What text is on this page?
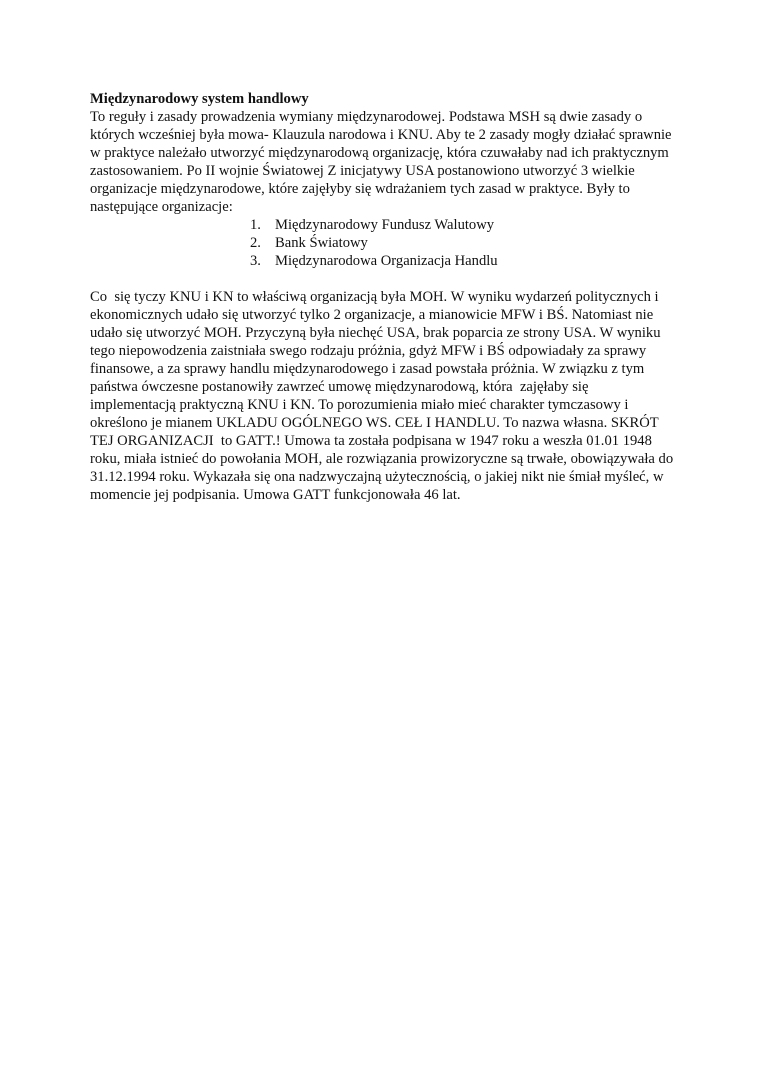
Międzynarodowy system handlowy
To reguły i zasady prowadzenia wymiany międzynarodowej. Podstawa MSH są dwie zasady o których wcześniej była mowa- Klauzula narodowa i KNU. Aby te 2 zasady mogły działać sprawnie w praktyce należało utworzyć międzynarodową organizację, która czuwałaby nad ich praktycznym zastosowaniem. Po II wojnie Światowej Z inicjatywy USA postanowiono utworzyć 3 wielkie organizacje międzynarodowe, które zajęłyby się wdrażaniem tych zasad w praktyce. Były to następujące organizacje:
1. Międzynarodowy Fundusz Walutowy
2. Bank Światowy
3. Międzynarodowa Organizacja Handlu
Co  się tyczy KNU i KN to właściwą organizacją była MOH. W wyniku wydarzeń politycznych i ekonomicznych udało się utworzyć tylko 2 organizacje, a mianowicie MFW i BŚ. Natomiast nie udało się utworzyć MOH. Przyczyną była niechęć USA, brak poparcia ze strony USA. W wyniku tego niepowodzenia zaistniała swego rodzaju próżnia, gdyż MFW i BŚ odpowiadały za sprawy finansowe, a za sprawy handlu międzynarodowego i zasad powstała próżnia. W związku z tym państwa ówczesne postanowiły zawrzeć umowę międzynarodową, która  zajęłaby się implementacją praktyczną KNU i KN. To porozumienia miało mieć charakter tymczasowy i określono je mianem UKLADU OGÓLNEGO WS. CEŁ I HANDLU. To nazwa własna. SKRÓT TEJ ORGANIZACJI  to GATT.! Umowa ta została podpisana w 1947 roku a weszła 01.01 1948 roku, miała istnieć do powołania MOH, ale rozwiązania prowizoryczne są trwałe, obowiązywała do 31.12.1994 roku. Wykazała się ona nadzwyczajną użytecznością, o jakiej nikt nie śmiał myśleć, w momencie jej podpisania. Umowa GATT funkcjonowała 46 lat.
